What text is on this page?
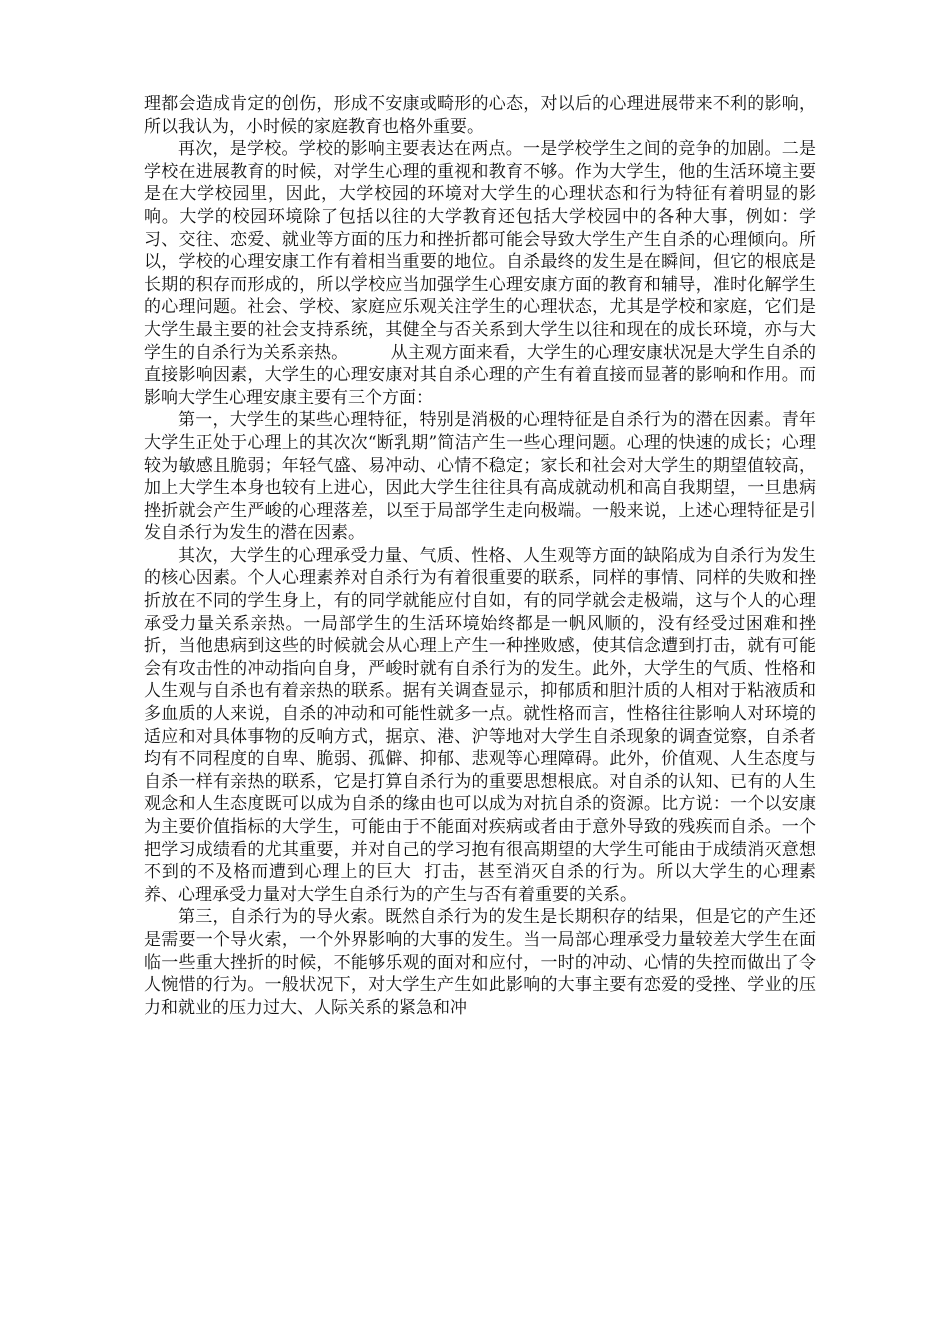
理都会造成肯定的创伤，形成不安康或畸形的心态，对以后的心理进展带来不利的影响，所以我认为，小时候的家庭教育也格外重要。

再次，是学校。学校的影响主要表达在两点。一是学校学生之间的竞争的加剧。二是学校在进展教育的时候，对学生心理的重视和教育不够。作为大学生，他的生活环境主要是在大学校园里，因此，大学校园的环境对大学生的心理状态和行为特征有着明显的影响。大学的校园环境除了包括以往的大学教育还包括大学校园中的各种大事，例如：学习、交往、恋爱、就业等方面的压力和挫折都可能会导致大学生产生自杀的心理倾向。所以，学校的心理安康工作有着相当重要的地位。自杀最终的发生是在瞬间，但它的根底是长期的积存而形成的，所以学校应当加强学生心理安康方面的教育和辅导，准时化解学生的心理问题。社会、学校、家庭应乐观关注学生的心理状态，尤其是学校和家庭，它们是大学生最主要的社会支持系统，其健全与否关系到大学生以往和现在的成长环境，亦与大学生的自杀行为关系亲热。　　　从主观方面来看，大学生的心理安康状况是大学生自杀的直接影响因素，大学生的心理安康对其自杀心理的产生有着直接而显著的影响和作用。而影响大学生心理安康主要有三个方面：

第一，大学生的某些心理特征，特别是消极的心理特征是自杀行为的潜在因素。青年大学生正处于心理上的其次次“断乳期”简洁产生一些心理问题。心理的快速的成长；心理较为敏感且脆弱；年轻气盛、易冲动、心情不稳定；家长和社会对大学生的期望值较高，加上大学生本身也较有上进心，因此大学生往往具有高成就动机和高自我期望，一旦患病挫折就会产生严峻的心理落差，以至于局部学生走向极端。一般来说，上述心理特征是引发自杀行为发生的潜在因素。

其次，大学生的心理承受力量、气质、性格、人生观等方面的缺陷成为自杀行为发生的核心因素。个人心理素养对自杀行为有着很重要的联系，同样的事情、同样的失败和挫折放在不同的学生身上，有的同学就能应付自如，有的同学就会走极端，这与个人的心理承受力量关系亲热。一局部学生的生活环境始终都是一帆风顺的，没有经受过困难和挫折，当他患病到这些的时候就会从心理上产生一种挫败感，使其信念遭到打击，就有可能会有攻击性的冲动指向自身，严峻时就有自杀行为的发生。此外，大学生的气质、性格和人生观与自杀也有着亲热的联系。据有关调查显示，抑郁质和胆汁质的人相对于粘液质和多血质的人来说，自杀的冲动和可能性就多一点。就性格而言，性格往往影响人对环境的适应和对具体事物的反响方式，据京、港、沪等地对大学生自杀现象的调查觉察，自杀者均有不同程度的自卑、脆弱、孤僻、抑郁、悲观等心理障碍。此外，价值观、人生态度与自杀一样有亲热的联系，它是打算自杀行为的重要思想根底。对自杀的认知、已有的人生观念和人生态度既可以成为自杀的缘由也可以成为对抗自杀的资源。比方说：一个以安康为主要价值指标的大学生，可能由于不能面对疾病或者由于意外导致的残疾而自杀。一个把学习成绩看的尤其重要，并对自己的学习抱有很高期望的大学生可能由于成绩消灭意想不到的不及格而遭到心理上的巨大  打击，甚至消灭自杀的行为。所以大学生的心理素养、心理承受力量对大学生自杀行为的产生与否有着重要的关系。

第三，自杀行为的导火索。既然自杀行为的发生是长期积存的结果，但是它的产生还是需要一个导火索，一个外界影响的大事的发生。当一局部心理承受力量较差大学生在面临一些重大挫折的时候，不能够乐观的面对和应付，一时的冲动、心情的失控而做出了令人惋惜的行为。一般状况下，对大学生产生如此影响的大事主要有恋爱的受挫、学业的压力和就业的压力过大、人际关系的紧急和冲
